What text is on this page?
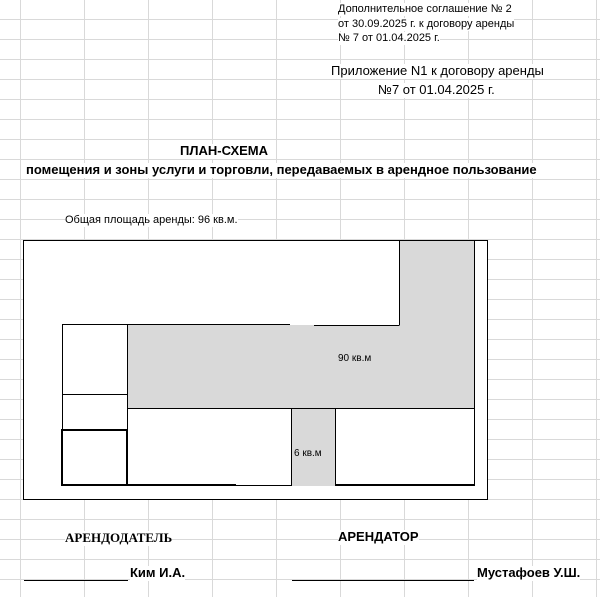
Дополнительное соглашение № 2
от 30.09.2025 г. к договору аренды
№ 7 от 01.04.2025 г.
Приложение N1 к договору аренды
№7 от 01.04.2025 г.
ПЛАН-СХЕМА
помещения и зоны услуги и торговли, передаваемых в арендное пользование
Общая площадь аренды: 96 кв.м.
90 кв.м
6 кв.м
АРЕНДОДАТЕЛЬ	АРЕНДАТОР
Ким И.А.	Мустафоев У.Ш.
